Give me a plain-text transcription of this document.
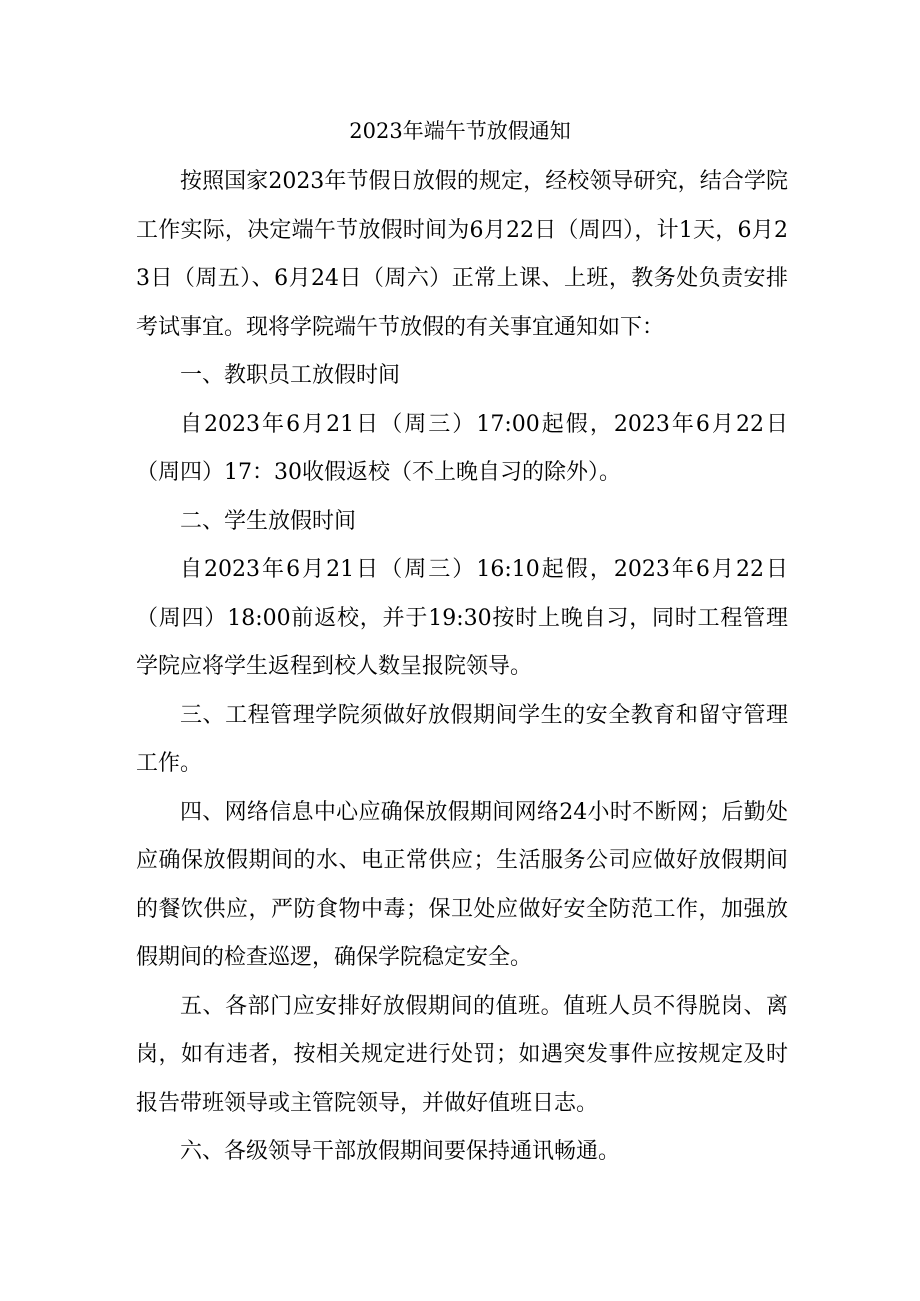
2023年端午节放假通知

按照国家2023年节假日放假的规定，经校领导研究，结合学院工作实际，决定端午节放假时间为6月22日（周四），计1天，6月23日（周五）、6月24日（周六）正常上课、上班，教务处负责安排考试事宜。现将学院端午节放假的有关事宜通知如下：

一、教职员工放假时间

自2023年6月21日（周三）17:00起假，2023年6月22日（周四）17：30收假返校（不上晚自习的除外）。

二、学生放假时间

自2023年6月21日（周三）16:10起假，2023年6月22日（周四）18:00前返校，并于19:30按时上晚自习，同时工程管理学院应将学生返程到校人数呈报院领导。

三、工程管理学院须做好放假期间学生的安全教育和留守管理工作。

四、网络信息中心应确保放假期间网络24小时不断网；后勤处应确保放假期间的水、电正常供应；生活服务公司应做好放假期间的餐饮供应，严防食物中毒；保卫处应做好安全防范工作，加强放假期间的检查巡逻，确保学院稳定安全。

五、各部门应安排好放假期间的值班。值班人员不得脱岗、离岗，如有违者，按相关规定进行处罚；如遇突发事件应按规定及时报告带班领导或主管院领导，并做好值班日志。

六、各级领导干部放假期间要保持通讯畅通。
